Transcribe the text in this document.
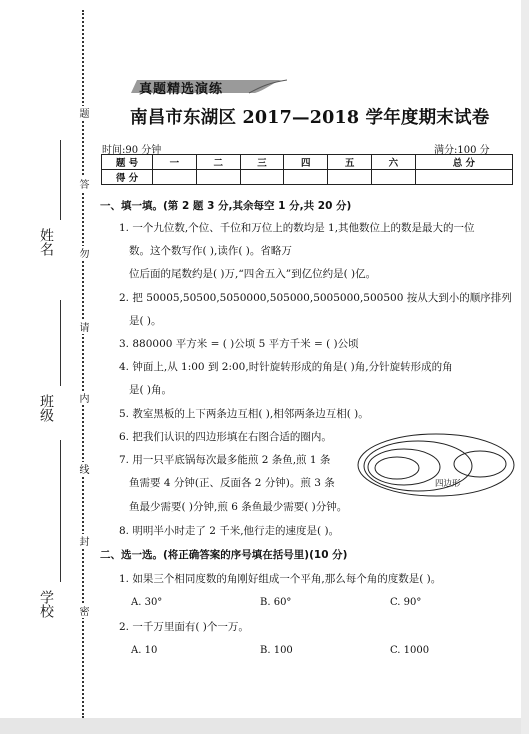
题
答
勿
请
内
线
封
密
姓名
班级
学校
真题精选演练
南昌市东湖区 2017—2018 学年度期末试卷
时间:90 分钟	满分:100 分
题 号	一	二	三	四	五	六	总 分
得 分							
一、填一填。(第 2 题 3 分,其余每空 1 分,共 20 分)
1. 一个九位数,个位、千位和万位上的数均是 1,其他数位上的数是最大的一位
数。这个数写作( ),读作( )。省略万
位后面的尾数约是( )万,“四舍五入”到亿位约是( )亿。
2. 把 50005,50500,5050000,505000,5005000,500500 按从大到小的顺序排列
是( )。
3. 880000 平方米 = ( )公顷 5 平方千米 = ( )公顷
4. 钟面上,从 1:00 到 2:00,时针旋转形成的角是( )角,分针旋转形成的角
是( )角。
5. 教室黑板的上下两条边互相( ),相邻两条边互相( )。
6. 把我们认识的四边形填在右图合适的圈内。
7. 用一只平底锅每次最多能煎 2 条鱼,煎 1 条
鱼需要 4 分钟(正、反面各 2 分钟)。煎 3 条
鱼最少需要( )分钟,煎 6 条鱼最少需要( )分钟。
四边形
8. 明明半小时走了 2 千米,他行走的速度是( )。
二、选一选。(将正确答案的序号填在括号里)(10 分)
1. 如果三个相同度数的角刚好组成一个平角,那么每个角的度数是( )。
A. 30°	B. 60°	C. 90°
2. 一千万里面有( )个一万。
A. 10	B. 100	C. 1000
